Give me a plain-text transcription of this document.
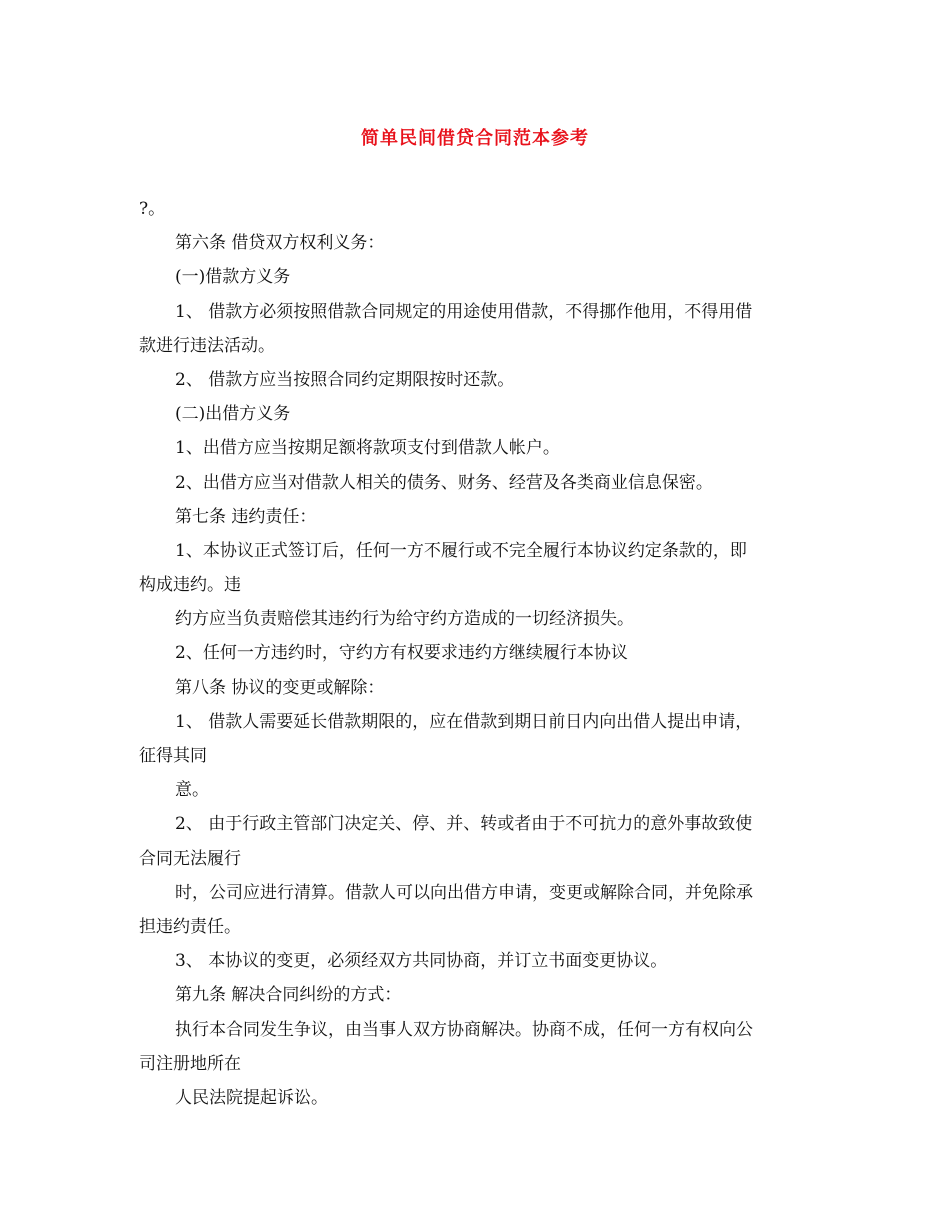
简单民间借贷合同范本参考
?。
第六条 借贷双方权利义务：
(一)借款方义务
1、 借款方必须按照借款合同规定的用途使用借款，不得挪作他用，不得用借
款进行违法活动。
2、 借款方应当按照合同约定期限按时还款。
(二)出借方义务
1、出借方应当按期足额将款项支付到借款人帐户。
2、出借方应当对借款人相关的债务、财务、经营及各类商业信息保密。
第七条 违约责任：
1、本协议正式签订后，任何一方不履行或不完全履行本协议约定条款的，即
构成违约。违
约方应当负责赔偿其违约行为给守约方造成的一切经济损失。
2、任何一方违约时，守约方有权要求违约方继续履行本协议
第八条 协议的变更或解除：
1、 借款人需要延长借款期限的，应在借款到期日前日内向出借人提出申请，
征得其同
意。
2、 由于行政主管部门决定关、停、并、转或者由于不可抗力的意外事故致使
合同无法履行
时，公司应进行清算。借款人可以向出借方申请，变更或解除合同，并免除承
担违约责任。
3、 本协议的变更，必须经双方共同协商，并订立书面变更协议。
第九条 解决合同纠纷的方式：
执行本合同发生争议，由当事人双方协商解决。协商不成，任何一方有权向公
司注册地所在
人民法院提起诉讼。
